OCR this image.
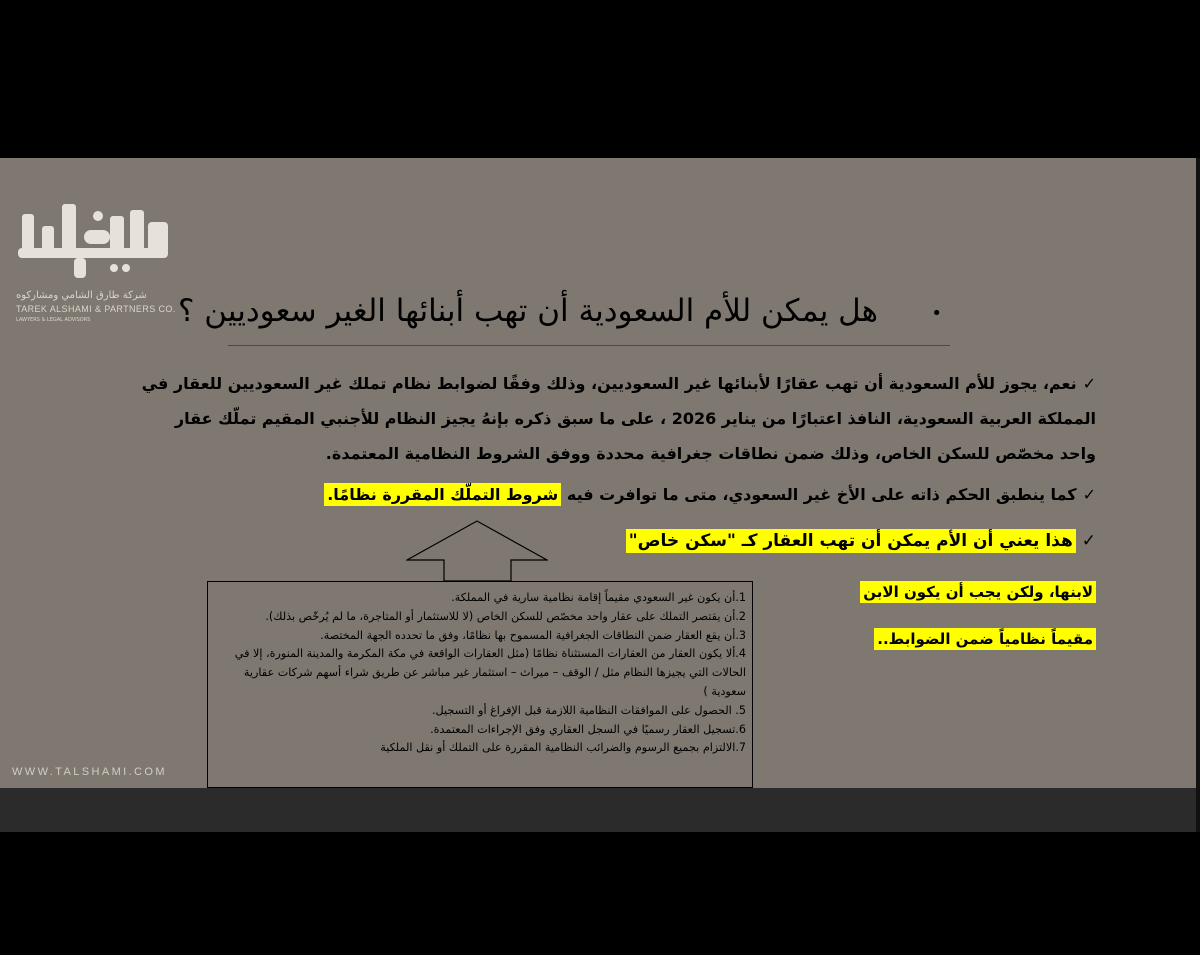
شركة طارق الشامي ومشاركوه
TAREK ALSHAMI & PARTNERS CO.
LAWYERS & LEGAL ADVISORS	•
هل يمكن للأم السعودية أن تهب أبنائها الغير سعوديين ؟
✓نعم، يجوز للأم السعودية أن تهب عقارًا لأبنائها غير السعوديين، وذلك وفقًا لضوابط نظام تملك غير السعوديين للعقار في المملكة العربية السعودية، النافذ اعتبارًا من يناير 2026 ، على ما سبق ذكره بإنهُ يجيز النظام للأجنبي المقيم تملّك عقار واحد مخصّص للسكن الخاص، وذلك ضمن نطاقات جغرافية محددة ووفق الشروط النظامية المعتمدة.
✓كما ينطبق الحكم ذاته على الأخ غير السعودي، متى ما توافرت فيه شروط التملّك المقررة نظامًا.
✓هذا يعني أن الأم يمكن أن تهب العقار كـ "سكن خاص"
لابنها، ولكن يجب أن يكون الابن
مقيماً نظامياً ضمن الضوابط..
1.أن يكون غير السعودي مقيماً إقامة نظامية سارية في المملكة.
2.أن يقتصر التملك على عقار واحد مخصّص للسكن الخاص (لا للاستثمار أو المتاجرة، ما لم يُرخّص بذلك).
3.أن يقع العقار ضمن النطاقات الجغرافية المسموح بها نظامًا، وفق ما تحدده الجهة المختصة.
4.ألا يكون العقار من العقارات المستثناة نظامًا (مثل العقارات الواقعة في مكة المكرمة والمدينة المنورة، إلا في الحالات التي يجيزها النظام مثل / الوقف – ميراث – استثمار غير مباشر عن طريق شراء أسهم شركات عقارية سعودية )
5. الحصول على الموافقات النظامية اللازمة قبل الإفراغ أو التسجيل.
6.تسجيل العقار رسميًا في السجل العقاري وفق الإجراءات المعتمدة.
7.الالتزام بجميع الرسوم والضرائب النظامية المقررة على التملك أو نقل الملكية
WWW.TALSHAMI.COM
